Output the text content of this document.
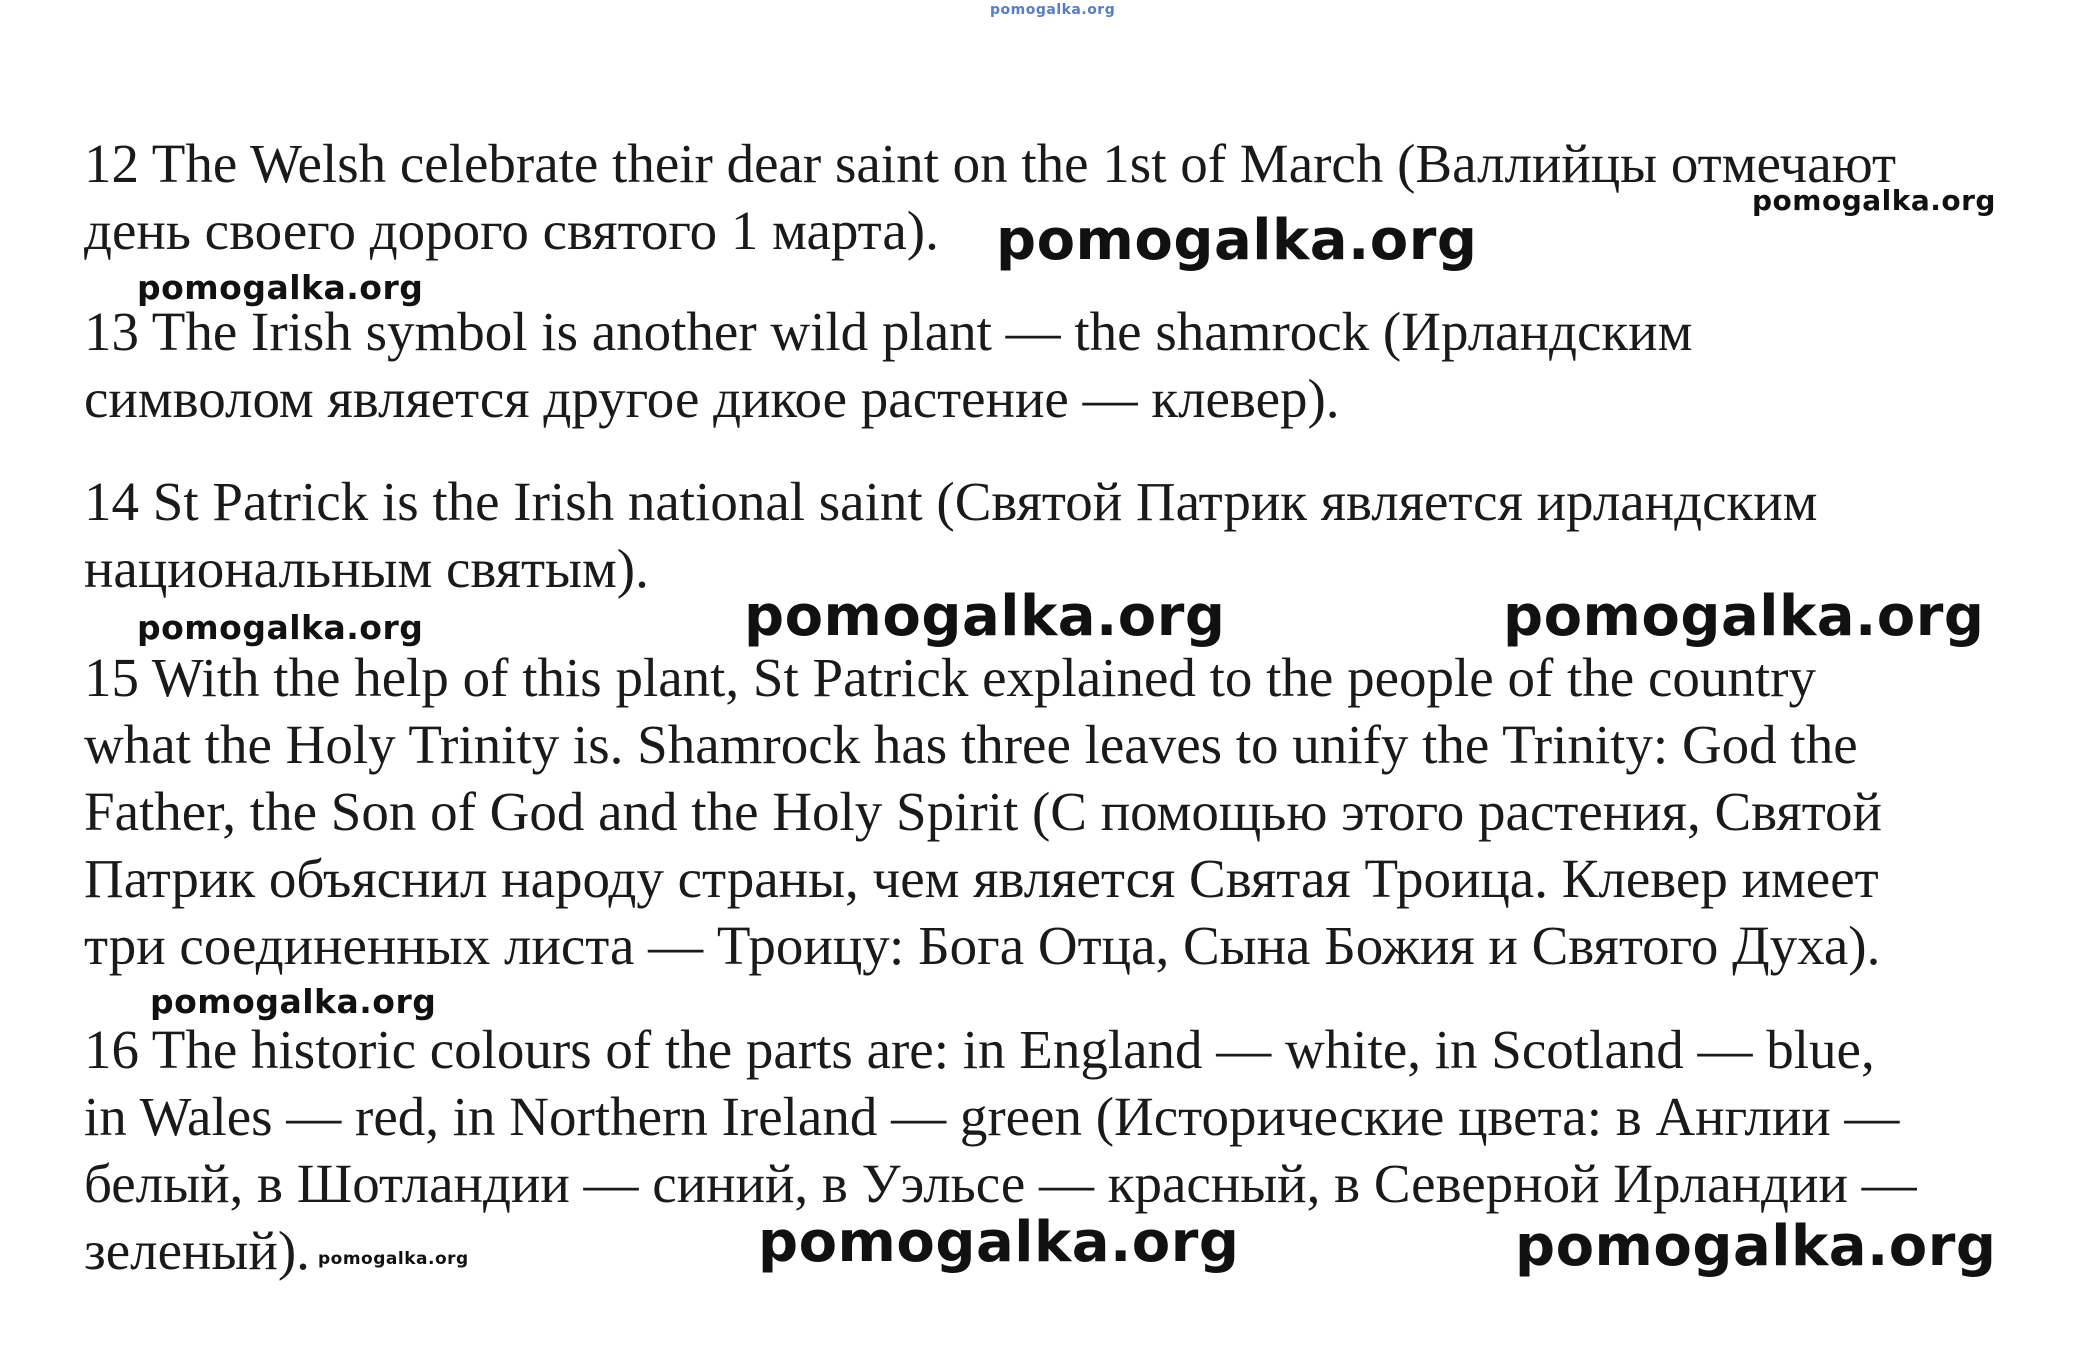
pomogalka.org
12 The Welsh celebrate their dear saint on the 1st of March (Валлийцы отмечают
день своего дорого святого 1 марта).
13 The Irish symbol is another wild plant — the shamrock (Ирландским
символом является другое дикое растение — клевер).
14 St Patrick is the Irish national saint (Святой Патрик является ирландским
национальным святым).
15 With the help of this plant, St Patrick explained to the people of the country
what the Holy Trinity is. Shamrock has three leaves to unify the Trinity: God the
Father, the Son of God and the Holy Spirit (С помощью этого растения, Святой
Патрик объяснил народу страны, чем является Святая Троица. Клевер имеет
три соединенных листа — Троицу: Бога Отца, Сына Божия и Святого Духа).
16 The historic colours of the parts are: in England — white, in Scotland — blue,
in Wales — red, in Northern Ireland — green (Исторические цвета: в Англии —
белый, в Шотландии — синий, в Уэльсе — красный, в Северной Ирландии —
зеленый).
pomogalka.org
pomogalka.org
pomogalka.org
pomogalka.org	pomogalka.org	pomogalka.org
pomogalka.org
pomogalka.org	pomogalka.org	pomogalka.org
